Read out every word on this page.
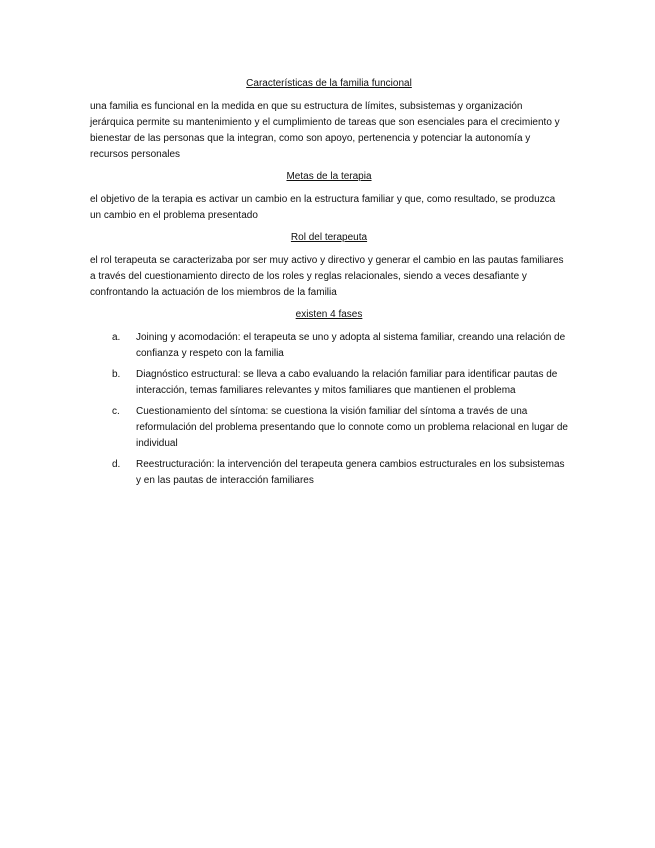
Características de la familia funcional

una familia es funcional en la medida en que su estructura de límites, subsistemas y organización jerárquica permite su mantenimiento y el cumplimiento de tareas que son esenciales para el crecimiento y bienestar de las personas que la integran, como son apoyo, pertenencia y potenciar la autonomía y recursos personales

Metas de la terapia

el objetivo de la terapia es activar un cambio en la estructura familiar y que, como resultado, se produzca un cambio en el problema presentado

Rol del terapeuta

el rol terapeuta se caracterizaba por ser muy activo y directivo y generar el cambio en las pautas familiares a través del cuestionamiento directo de los roles y reglas relacionales, siendo a veces desafiante y confrontando la actuación de los miembros de la familia

existen 4 fases
a.	Joining y acomodación: el terapeuta se uno y adopta al sistema familiar, creando una relación de confianza y respeto con la familia
b.	Diagnóstico estructural: se lleva a cabo evaluando la relación familiar para identificar pautas de interacción, temas familiares relevantes y mitos familiares que mantienen el problema
c.	Cuestionamiento del síntoma: se cuestiona la visión familiar del síntoma a través de una reformulación del problema presentando que lo connote como un problema relacional en lugar de individual
d.	Reestructuración: la intervención del terapeuta genera cambios estructurales en los subsistemas y en las pautas de interacción familiares
